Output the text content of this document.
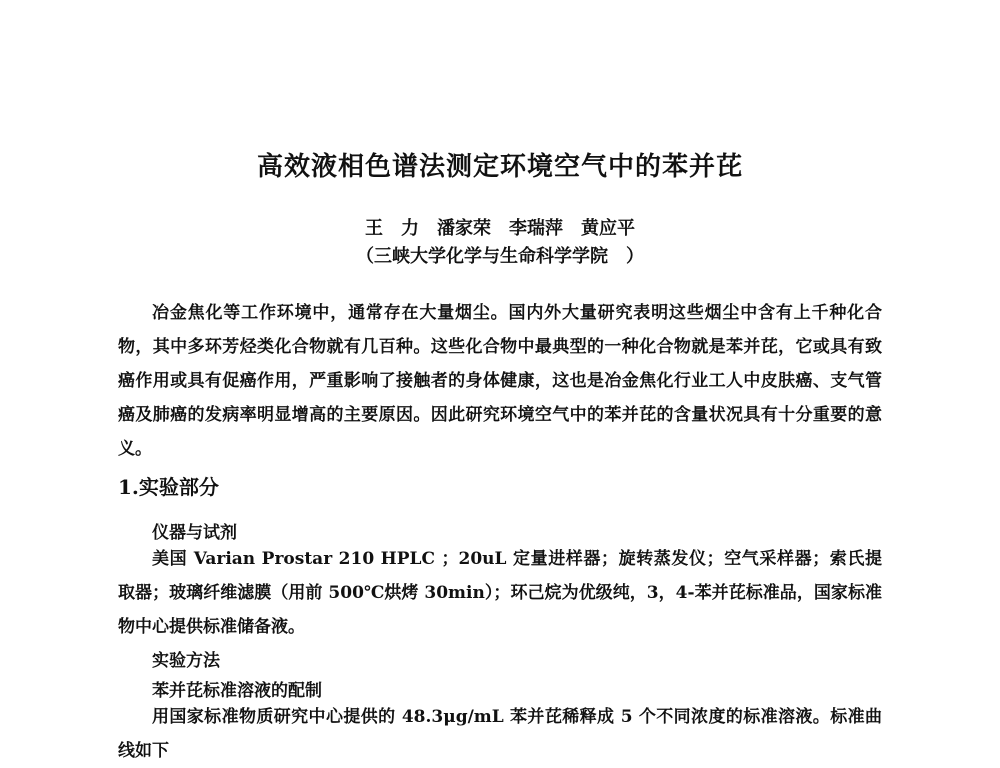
高效液相色谱法测定环境空气中的苯并芘

王　力　潘家荣　李瑞萍　黄应平

（三峡大学化学与生命科学学院　）

冶金焦化等工作环境中，通常存在大量烟尘。国内外大量研究表明这些烟尘中含有上千种化合物，其中多环芳烃类化合物就有几百种。这些化合物中最典型的一种化合物就是苯并芘，它或具有致癌作用或具有促癌作用，严重影响了接触者的身体健康，这也是冶金焦化行业工人中皮肤癌、支气管癌及肺癌的发病率明显增高的主要原因。因此研究环境空气中的苯并芘的含量状况具有十分重要的意义。

1.实验部分

仪器与试剂

美国 Varian Prostar 210 HPLC ；20uL 定量进样器；旋转蒸发仪；空气采样器；索氏提取器；玻璃纤维滤膜（用前 500℃烘烤 30min）；环己烷为优级纯，3，4-苯并芘标准品，国家标准物中心提供标准储备液。

实验方法

苯并芘标准溶液的配制

用国家标准物质研究中心提供的 48.3μg/mL 苯并芘稀释成 5 个不同浓度的标准溶液。标准曲线如下
